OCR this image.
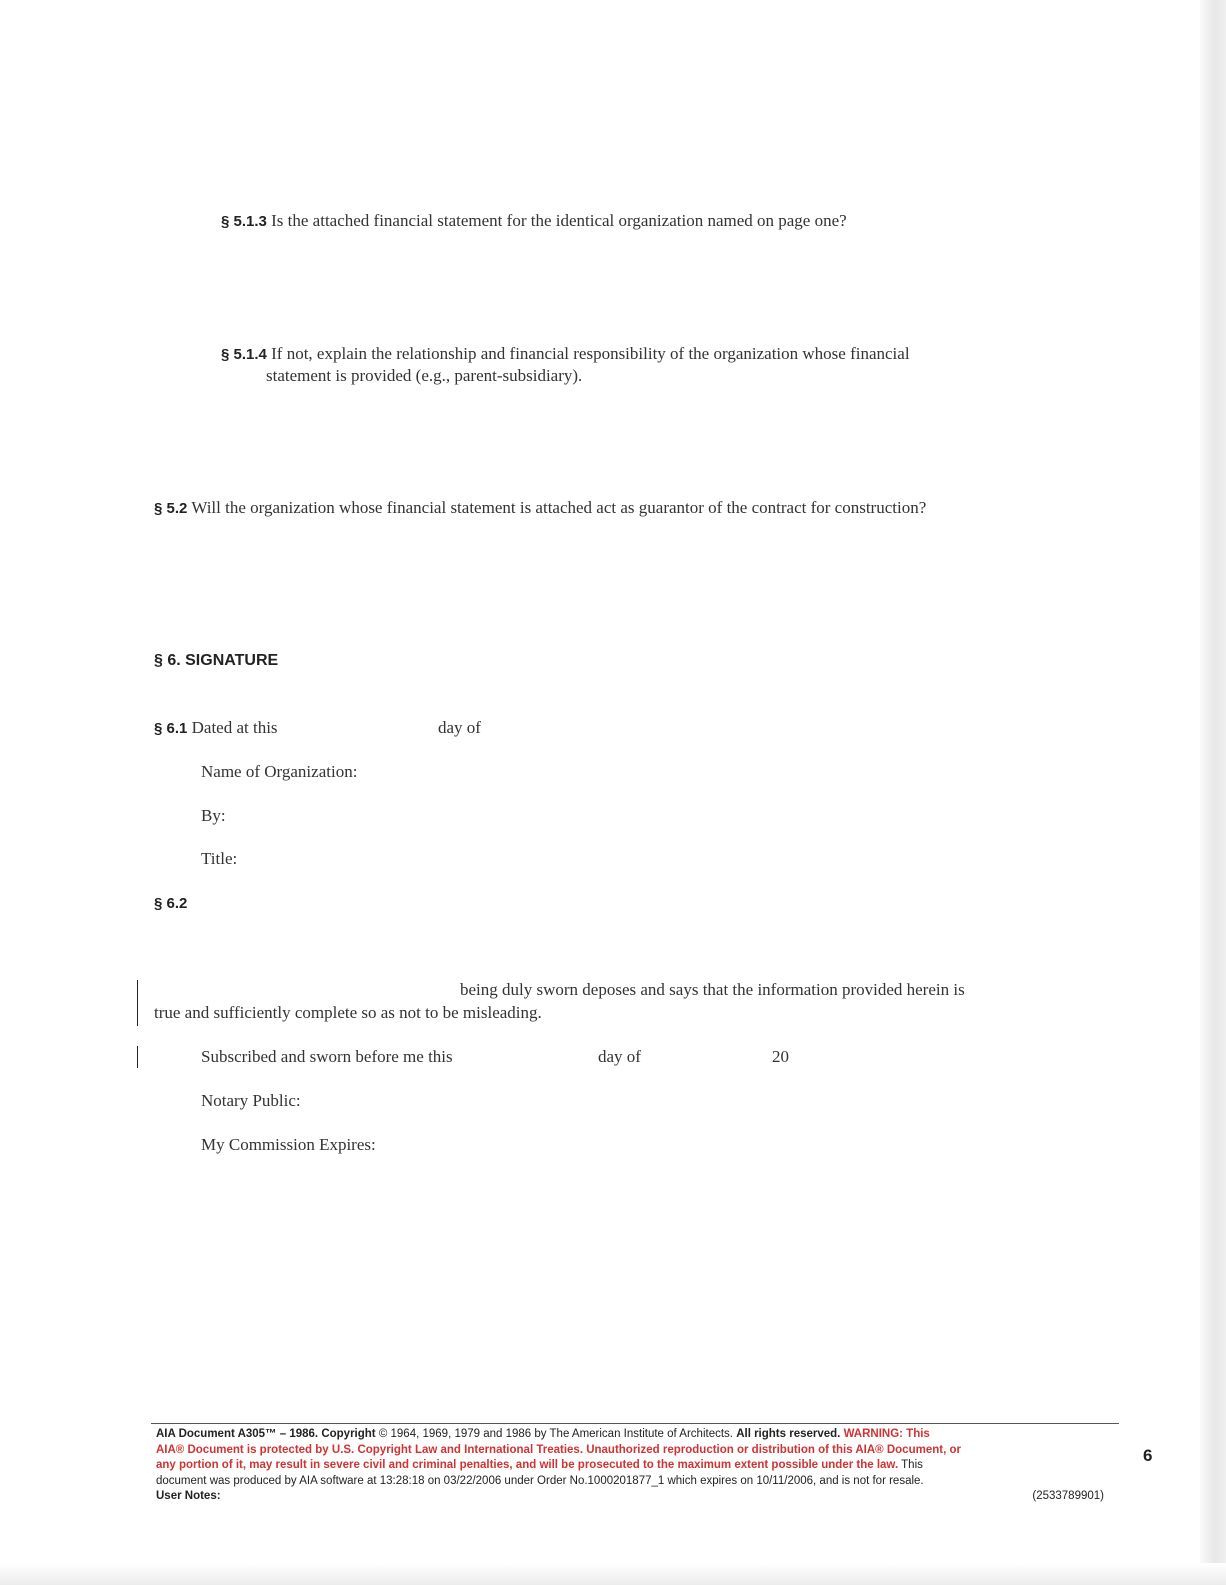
§ 5.1.3 Is the attached financial statement for the identical organization named on page one?
§ 5.1.4 If not, explain the relationship and financial responsibility of the organization whose financial
statement is provided (e.g., parent-subsidiary).
§ 5.2 Will the organization whose financial statement is attached act as guarantor of the contract for construction?
§ 6. SIGNATURE
§ 6.1 Dated at this	day of
Name of Organization:
By:
Title:
§ 6.2
being duly sworn deposes and says that the information provided herein is
true and sufficiently complete so as not to be misleading.
Subscribed and sworn before me this	day of	20
Notary Public:
My Commission Expires:
AIA Document A305™ – 1986. Copyright © 1964, 1969, 1979 and 1986 by The American Institute of Architects. All rights reserved. WARNING: This
AIA® Document is protected by U.S. Copyright Law and International Treaties. Unauthorized reproduction or distribution of this AIA® Document, or
any portion of it, may result in severe civil and criminal penalties, and will be prosecuted to the maximum extent possible under the law. This
document was produced by AIA software at 13:28:18 on 03/22/2006 under Order No.1000201877_1 which expires on 10/11/2006, and is not for resale.
User Notes:	(2533789901)
6
